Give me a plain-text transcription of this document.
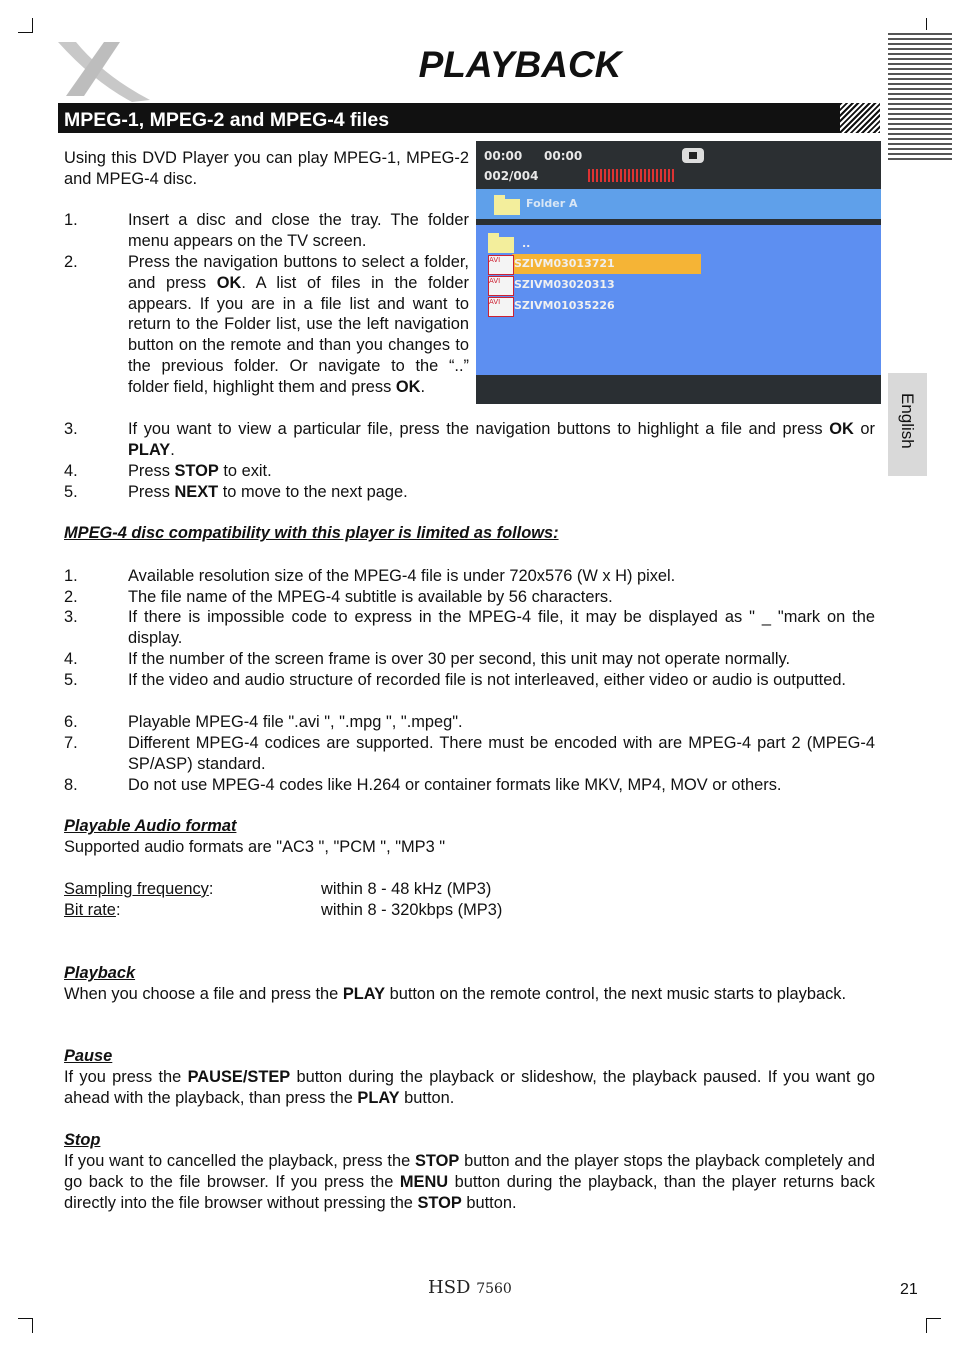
PLAYBACK
MPEG-1, MPEG-2 and MPEG-4 files
00:00 00:00
002/004
Folder A
..
AVI	SZIVM03013721
AVI	SZIVM03020313
AVI	SZIVM01035226
English
Using this DVD Player you can play MPEG-1, MPEG-2 and MPEG-4 disc.
1.	Insert a disc and close the tray. The folder menu appears on the TV screen.
2.	Press the navigation buttons to select a folder, and press OK. A list of files in the folder appears. If you are in a file list and want to return to the Folder list, use the left navigation button on the remote and than you changes to the previous folder. Or navigate to the “..” folder field, highlight them and press OK.
3.	If you want to view a particular file, press the navigation buttons to highlight a file and press OK or PLAY.
4.	Press STOP to exit.
5.	Press NEXT to move to the next page.
MPEG-4 disc compatibility with this player is limited as follows:
1.	Available resolution size of the MPEG-4 file is under 720x576 (W x H) pixel.
2.	The file name of the MPEG-4 subtitle is available by 56 characters.
3.	If there is impossible code to express in the MPEG-4 file, it may be displayed as " _ "mark on the display.
4.	If the number of the screen frame is over 30 per second, this unit may not operate normally.
5.	If the video and audio structure of recorded file is not interleaved, either video or audio is outputted.
6.	Playable MPEG-4 file ".avi ", ".mpg ", ".mpeg".
7.	Different MPEG-4 codices are supported. There must be encoded with are MPEG-4 part 2 (MPEG-4 SP/ASP) standard.
8.	Do not use MPEG-4 codes like H.264 or container formats like MKV, MP4, MOV or others.
Playable Audio format
Supported audio formats are "AC3 ", "PCM ", "MP3 "
Sampling frequency:	within 8 - 48 kHz (MP3)
Bit rate:	within 8 - 320kbps (MP3)
Playback
When you choose a file and press the PLAY button on the remote control, the next music starts to playback.
Pause
If you press the PAUSE/STEP button during the playback or slideshow, the playback paused. If you want go ahead with the playback, than press the PLAY button.
Stop
If you want to cancelled the playback, press the STOP button and the player stops the playback completely and go back to the file browser. If you press the MENU button during the playback, than the player returns back directly into the file browser without pressing the STOP button.
HSD 7560	21
